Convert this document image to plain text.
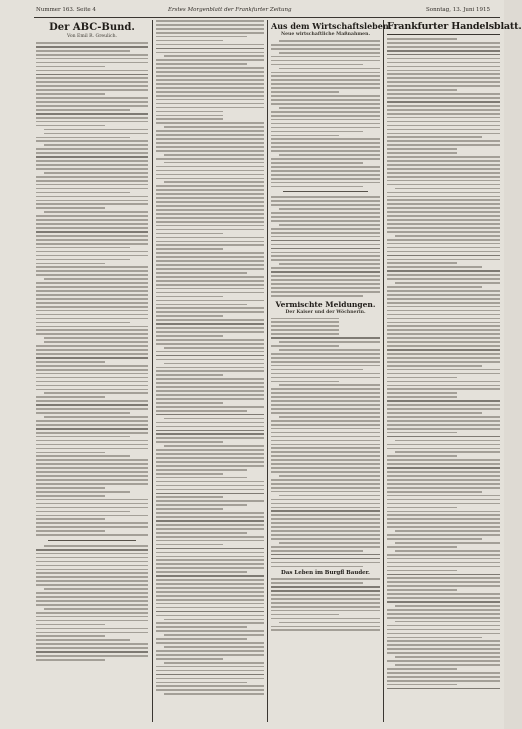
Nummer 163. Seite 4	Erstes Morgenblatt der Frankfurter Zeitung	Sonntag, 13. Juni 1915
Der ABC-Bund.
Von Emil R. Greulich.
Aus dem Wirtschaftsleben.
Neue wirtschaftliche Maßnahmen.
Vermischte Meldungen.
Der Kaiser und der Wöchnerin.
Das Leben im Burgfl Bauder.
Frankfurter Handelsblatt.
